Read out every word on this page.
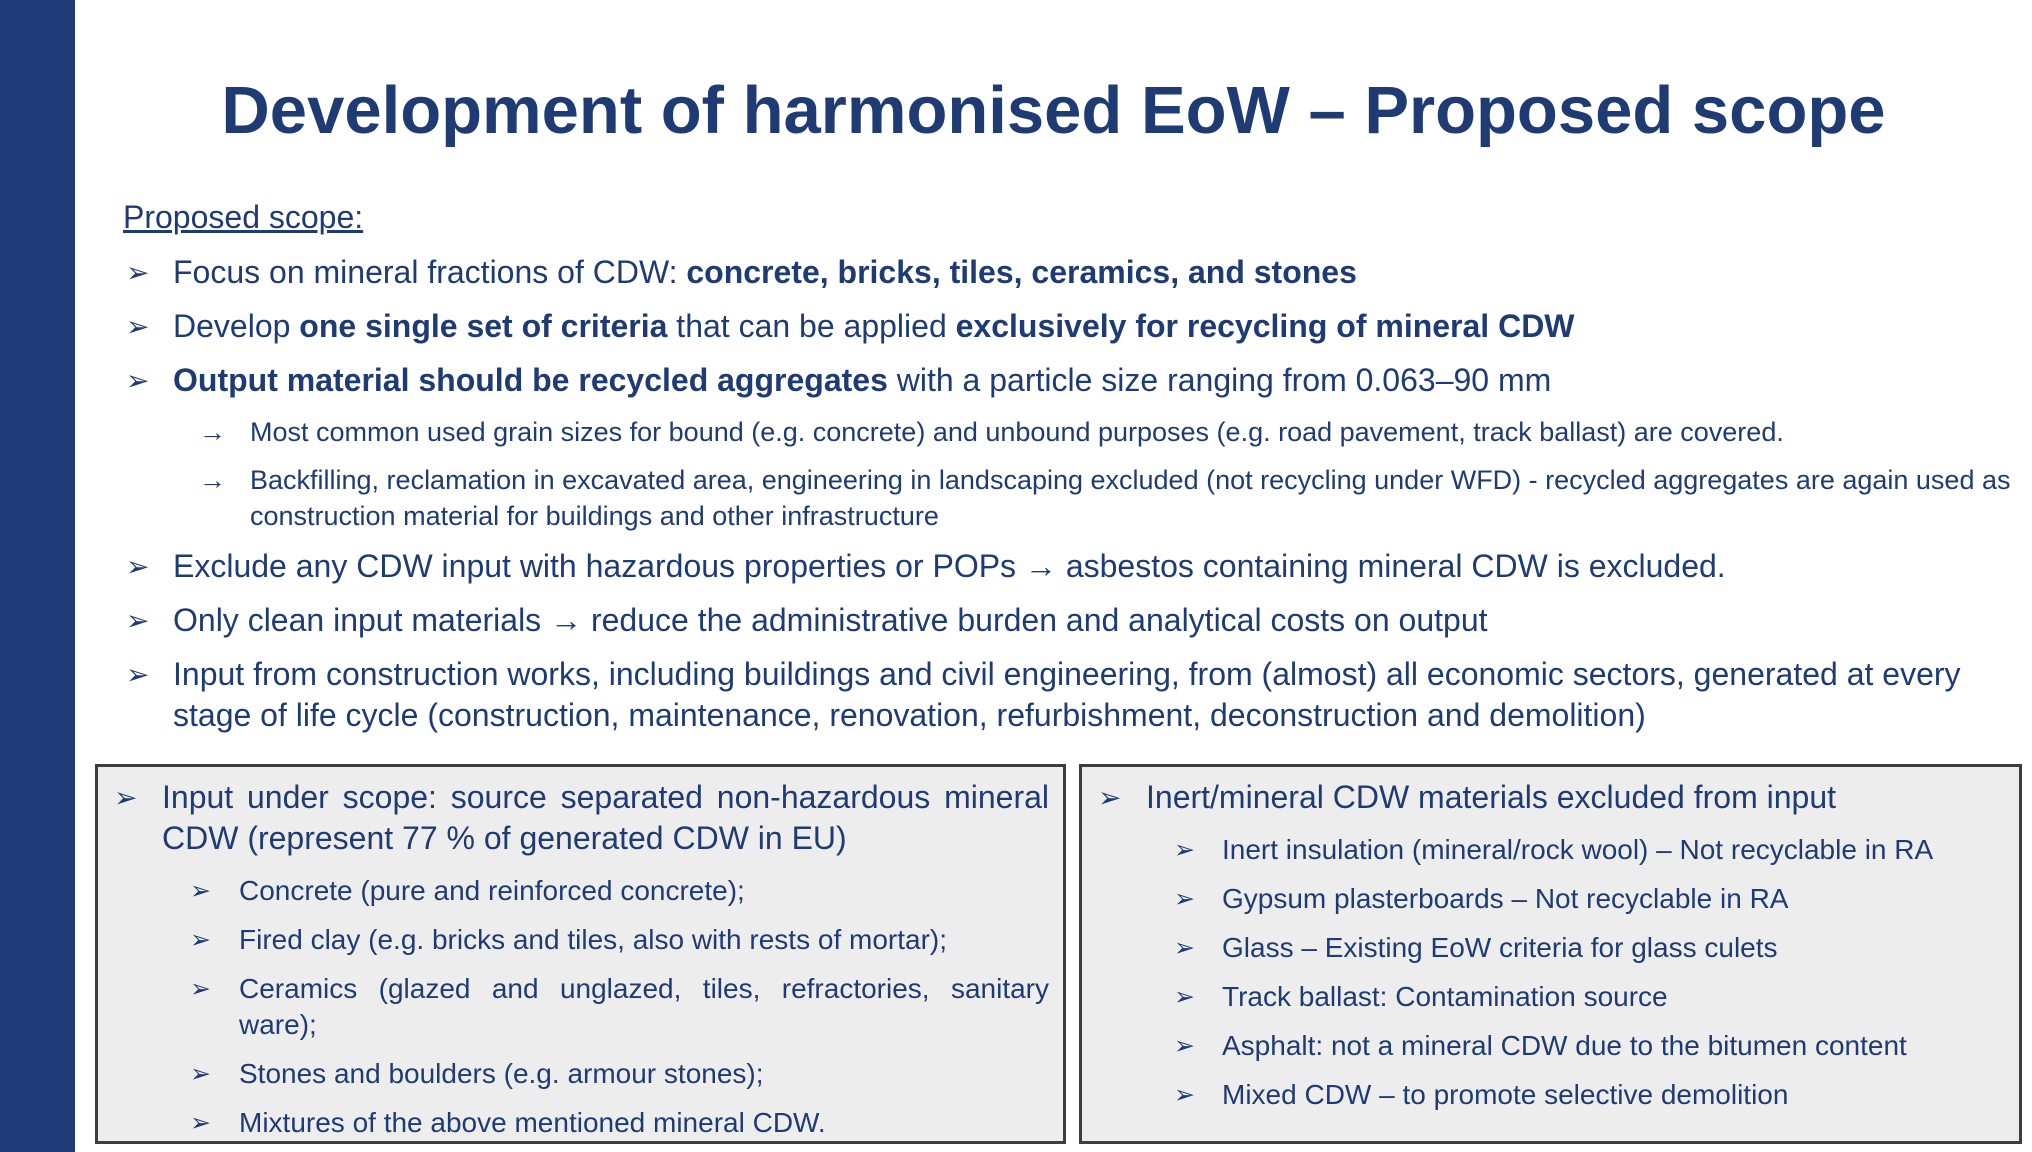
Development of harmonised EoW – Proposed scope
Proposed scope:
➢ Focus on mineral fractions of CDW: concrete, bricks, tiles, ceramics, and stones
➢ Develop one single set of criteria that can be applied exclusively for recycling of mineral CDW
➢ Output material should be recycled aggregates with a particle size ranging from 0.063–90 mm
→ Most common used grain sizes for bound (e.g. concrete) and unbound purposes (e.g. road pavement, track ballast) are covered.
→ Backfilling, reclamation in excavated area, engineering in landscaping excluded (not recycling under WFD) - recycled aggregates are again used as construction material for buildings and other infrastructure
➢ Exclude any CDW input with hazardous properties or POPs → asbestos containing mineral CDW is excluded.
➢ Only clean input materials → reduce the administrative burden and analytical costs on output
➢ Input from construction works, including buildings and civil engineering, from (almost) all economic sectors, generated at every stage of life cycle (construction, maintenance, renovation, refurbishment, deconstruction and demolition)
➢ Input under scope: source separated non-hazardous mineral CDW (represent 77 % of generated CDW in EU)
➢ Concrete (pure and reinforced concrete);
➢ Fired clay (e.g. bricks and tiles, also with rests of mortar);
➢ Ceramics (glazed and unglazed, tiles, refractories, sanitary ware);
➢ Stones and boulders (e.g. armour stones);
➢ Mixtures of the above mentioned mineral CDW.
➢ Inert/mineral CDW materials excluded from input
➢ Inert insulation (mineral/rock wool) – Not recyclable in RA
➢ Gypsum plasterboards – Not recyclable in RA
➢ Glass – Existing EoW criteria for glass culets
➢ Track ballast: Contamination source
➢ Asphalt: not a mineral CDW due to the bitumen content
➢ Mixed CDW – to promote selective demolition
